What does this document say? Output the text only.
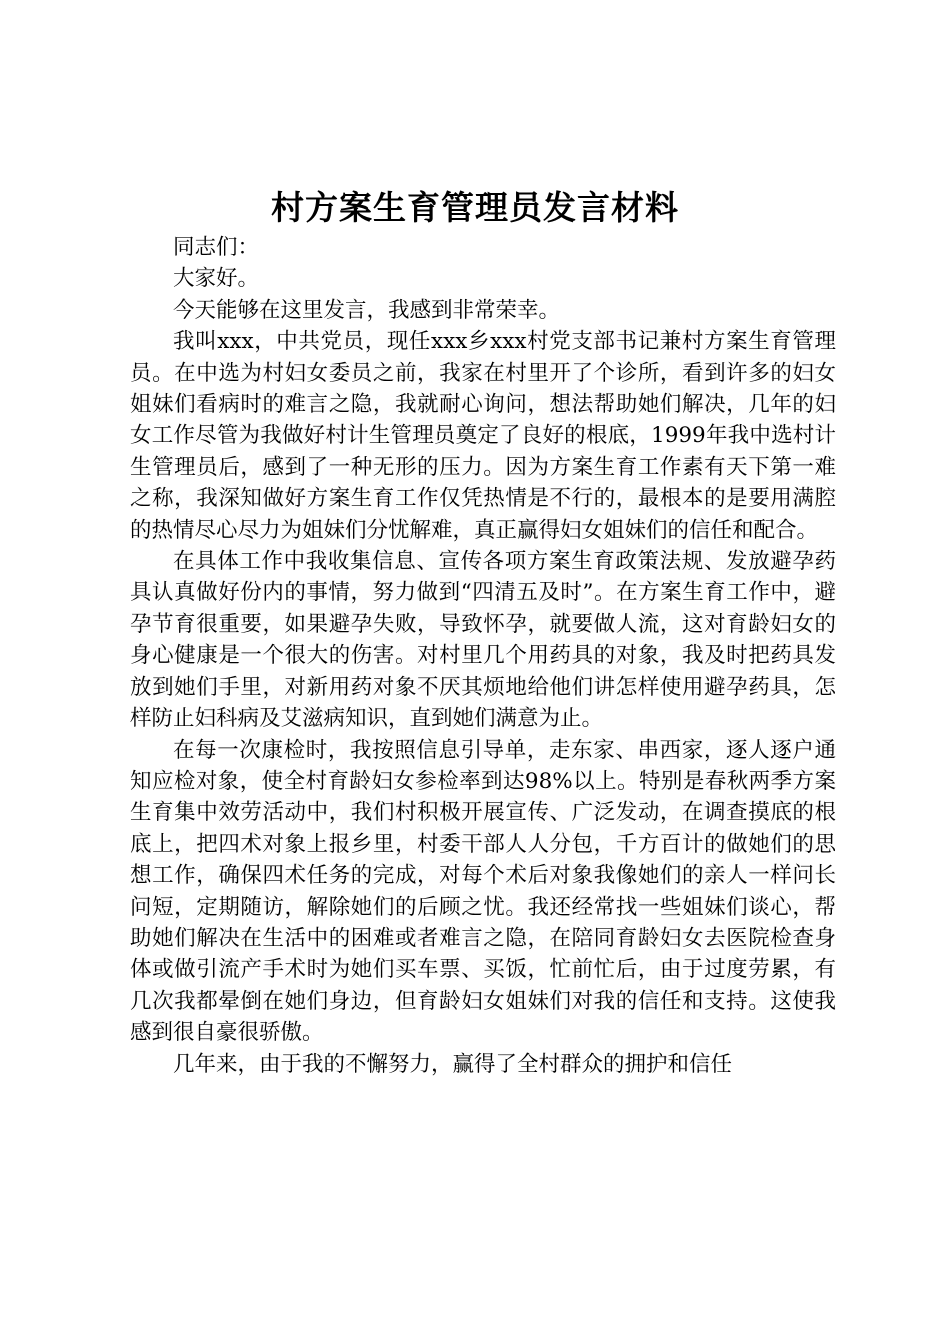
村方案生育管理员发言材料

同志们：

大家好。

今天能够在这里发言，我感到非常荣幸。

我叫xxx，中共党员，现任xxx乡xxx村党支部书记兼村方案生育管理员。在中选为村妇女委员之前，我家在村里开了个诊所，看到许多的妇女姐妹们看病时的难言之隐，我就耐心询问，想法帮助她们解决，几年的妇女工作尽管为我做好村计生管理员奠定了良好的根底，1999年我中选村计生管理员后，感到了一种无形的压力。因为方案生育工作素有天下第一难之称，我深知做好方案生育工作仅凭热情是不行的，最根本的是要用满腔的热情尽心尽力为姐妹们分忧解难，真正赢得妇女姐妹们的信任和配合。

在具体工作中我收集信息、宣传各项方案生育政策法规、发放避孕药具认真做好份内的事情，努力做到“四清五及时”。在方案生育工作中，避孕节育很重要，如果避孕失败，导致怀孕，就要做人流，这对育龄妇女的身心健康是一个很大的伤害。对村里几个用药具的对象，我及时把药具发放到她们手里，对新用药对象不厌其烦地给他们讲怎样使用避孕药具，怎样防止妇科病及艾滋病知识，直到她们满意为止。

在每一次康检时，我按照信息引导单，走东家、串西家，逐人逐户通知应检对象，使全村育龄妇女参检率到达98%以上。特别是春秋两季方案生育集中效劳活动中，我们村积极开展宣传、广泛发动，在调查摸底的根底上，把四术对象上报乡里，村委干部人人分包，千方百计的做她们的思想工作，确保四术任务的完成，对每个术后对象我像她们的亲人一样问长问短，定期随访，解除她们的后顾之忧。我还经常找一些姐妹们谈心，帮助她们解决在生活中的困难或者难言之隐，在陪同育龄妇女去医院检查身体或做引流产手术时为她们买车票、买饭，忙前忙后，由于过度劳累，有几次我都晕倒在她们身边，但育龄妇女姐妹们对我的信任和支持。这使我感到很自豪很骄傲。

几年来，由于我的不懈努力，赢得了全村群众的拥护和信任
